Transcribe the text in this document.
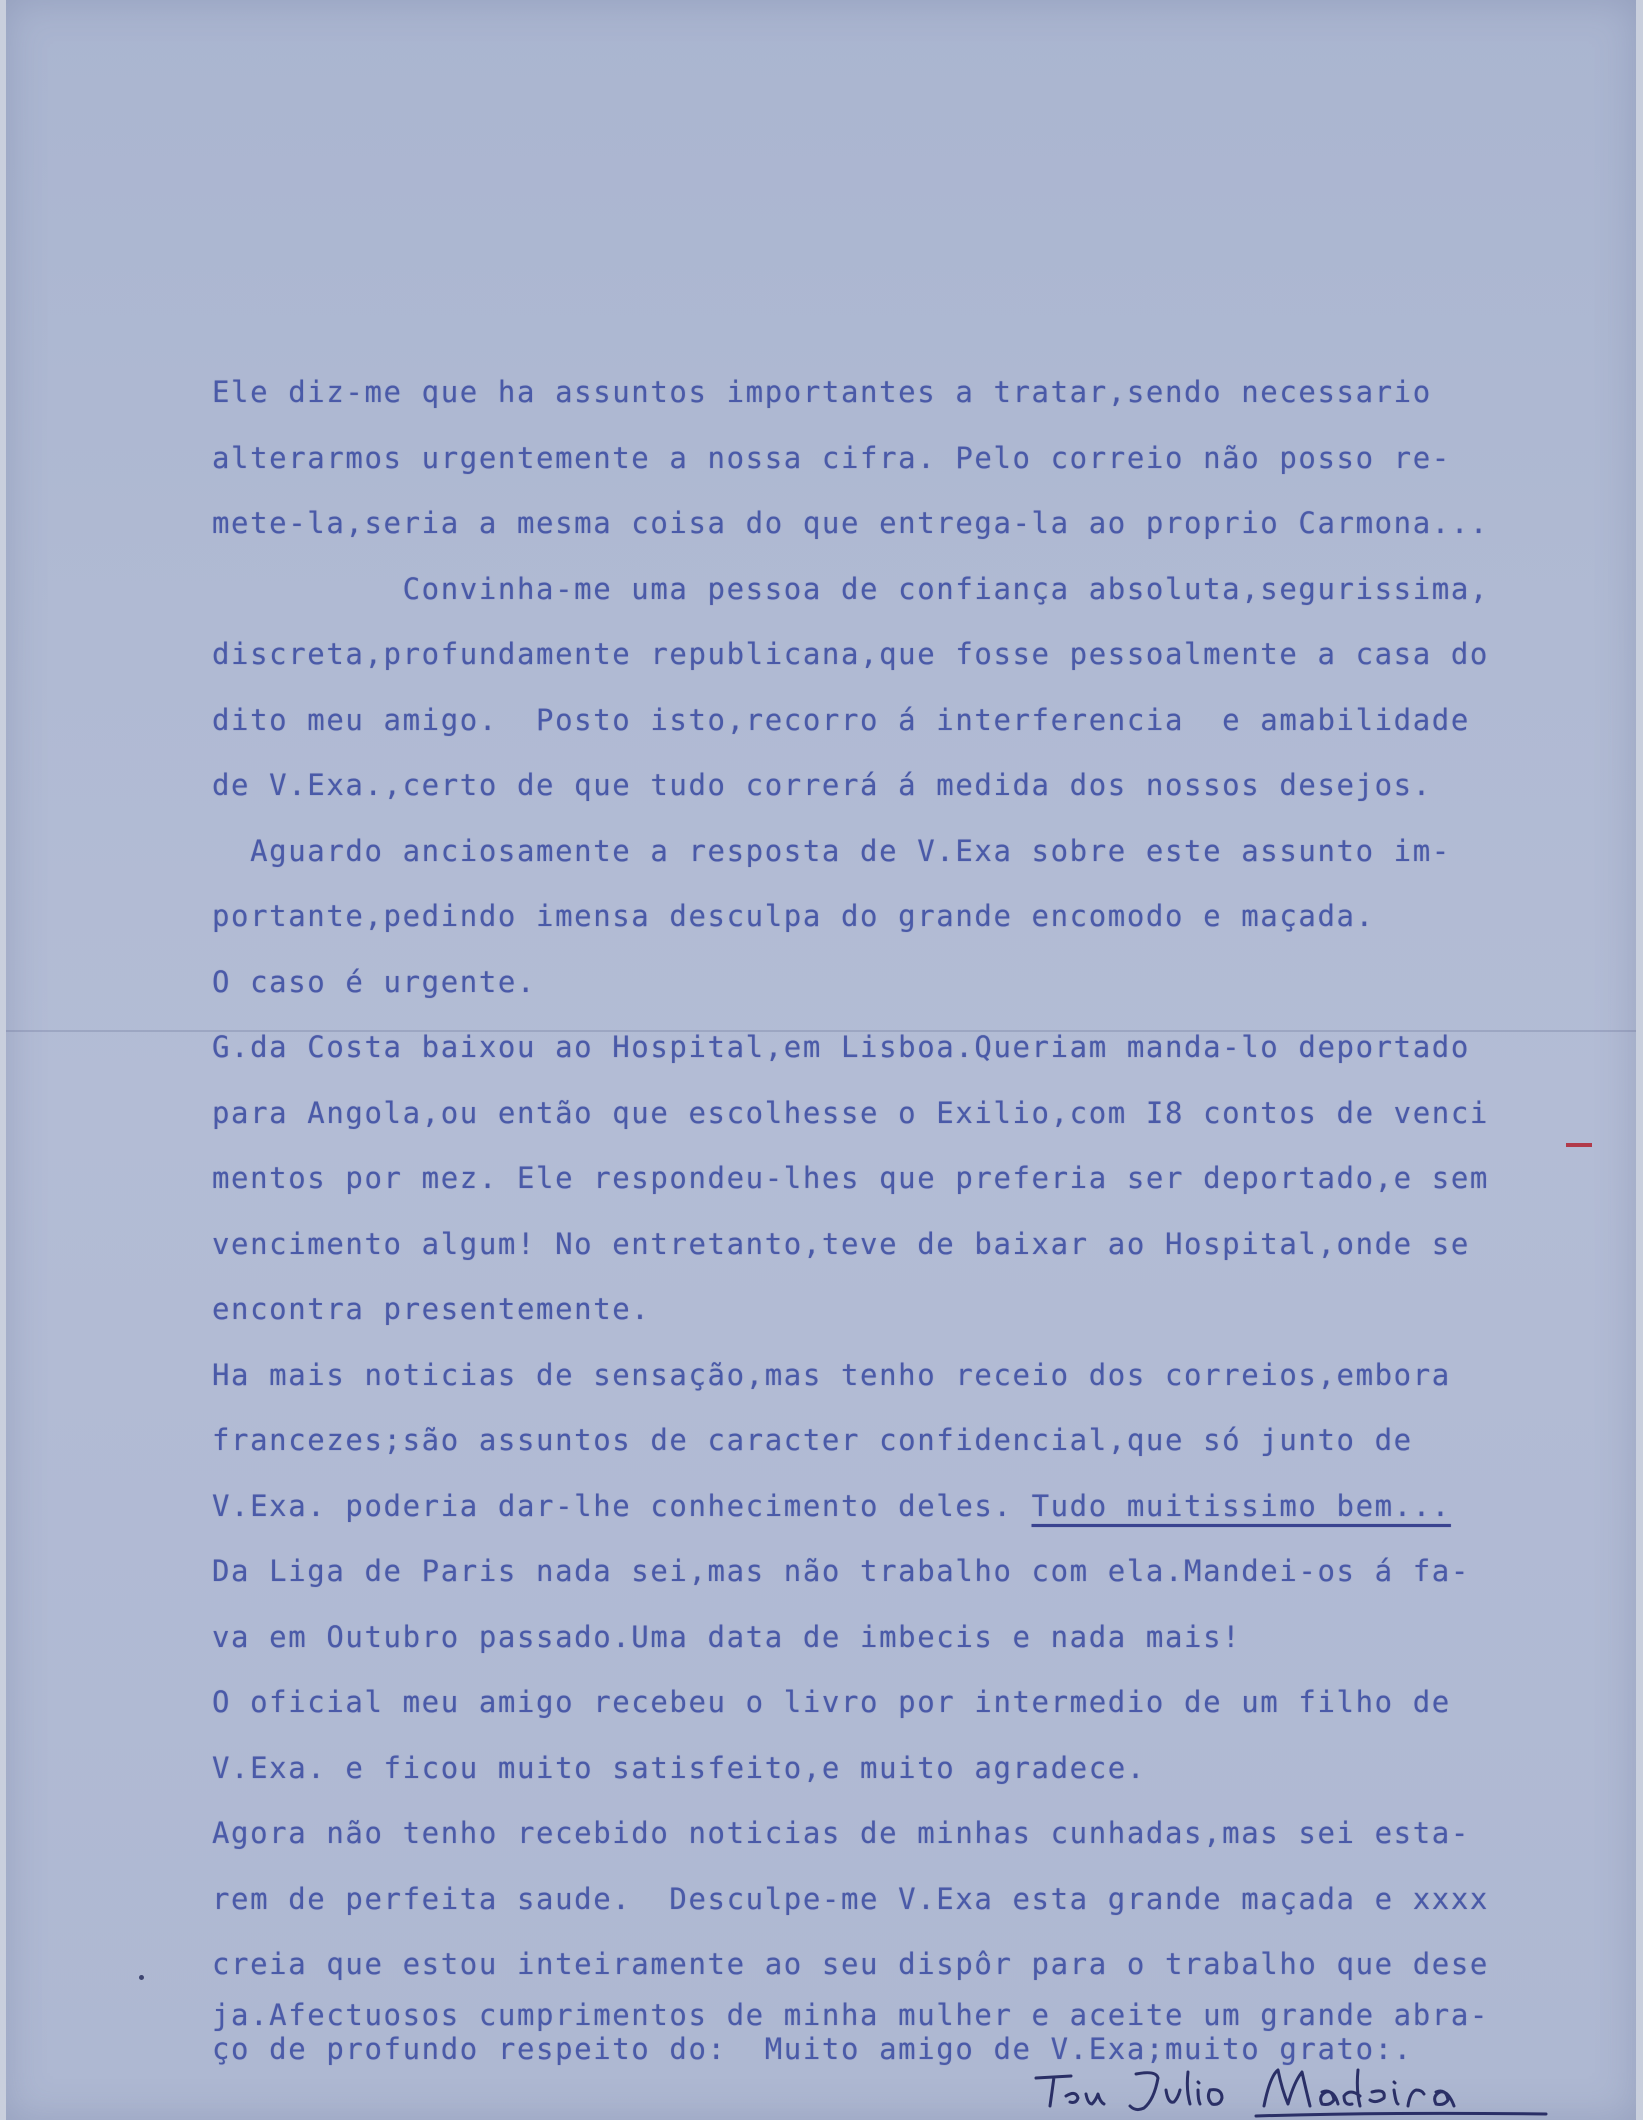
Ele diz-me que ha assuntos importantes a tratar,sendo necessario
alterarmos urgentemente a nossa cifra. Pelo correio não posso re-
mete-la,seria a mesma coisa do que entrega-la ao proprio Carmona...
Convinha-me uma pessoa de confiança absoluta,segurissima,
discreta,profundamente republicana,que fosse pessoalmente a casa do
dito meu amigo.  Posto isto,recorro á interferencia  e amabilidade
de V.Exa.,certo de que tudo correrá á medida dos nossos desejos.
Aguardo anciosamente a resposta de V.Exa sobre este assunto im-
portante,pedindo imensa desculpa do grande encomodo e maçada.
O caso é urgente.
G.da Costa baixou ao Hospital,em Lisboa.Queriam manda-lo deportado
para Angola,ou então que escolhesse o Exilio,com I8 contos de venci
mentos por mez. Ele respondeu-lhes que preferia ser deportado,e sem
vencimento algum! No entretanto,teve de baixar ao Hospital,onde se
encontra presentemente.
Ha mais noticias de sensação,mas tenho receio dos correios,embora
francezes;são assuntos de caracter confidencial,que só junto de
V.Exa. poderia dar-lhe conhecimento deles. Tudo muitissimo bem...
Da Liga de Paris nada sei,mas não trabalho com ela.Mandei-os á fa-
va em Outubro passado.Uma data de imbecis e nada mais!
O oficial meu amigo recebeu o livro por intermedio de um filho de
V.Exa. e ficou muito satisfeito,e muito agradece.
Agora não tenho recebido noticias de minhas cunhadas,mas sei esta-
rem de perfeita saude.  Desculpe-me V.Exa esta grande maçada e xxxx
creia que estou inteiramente ao seu dispôr para o trabalho que dese
ja.Afectuosos cumprimentos de minha mulher e aceite um grande abra-
ço de profundo respeito do:  Muito amigo de V.Exa;muito grato:.
